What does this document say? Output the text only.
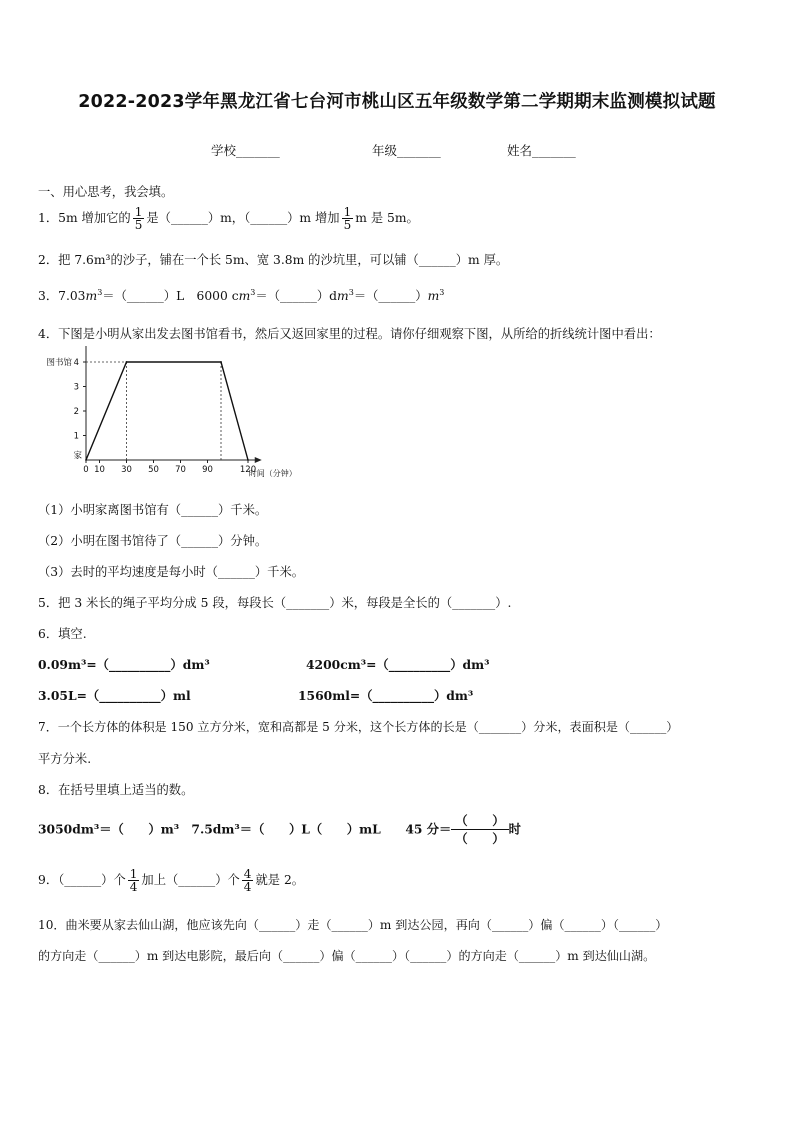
2022-2023学年黑龙江省七台河市桃山区五年级数学第二学期期末监测模拟试题
学校_______	年级_______	姓名_______
一、用心思考，我会填。
1．5m 增加它的 $\frac{1}{5}$ 是（______）m，（______）m 增加 $\frac{1}{5}$ m 是 5m。
2．把 7.6m³的沙子，铺在一个长 5m、宽 3.8m 的沙坑里，可以铺（______）m 厚。
3．$7.03m^3=(\_\_\_\_\_\_)L$　6000 $cm^3=(\_\_\_\_\_\_)dm^3=(\_\_\_\_\_\_)m^3$
4．下图是小明从家出发去图书馆看书，然后又返回家里的过程。请你仔细观察下图，从所给的折线统计图中看出：
时间（分钟）
1
2
3
4
图书馆
家
0 10 30 50 70 90	120
（1）小明家离图书馆有（______）千米。
（2）小明在图书馆待了（______）分钟。
（3）去时的平均速度是每小时（______）千米。
5．把 3 米长的绳子平均分成 5 段，每段长（_______）米，每段是全长的（_______）.
6．填空.
0.09m³=（__________）dm³	4200cm³=（__________）dm³
3.05L=（__________）ml	1560ml=（__________）dm³
7．一个长方体的体积是 150 立方分米，宽和高都是 5 分米，这个长方体的长是（_______）分米，表面积是（______）
平方分米.
8．在括号里填上适当的数。
3050dm³＝（　　）m³　7.5dm³＝（　　）L（　　）mL　　45 分＝
（　　）
（　　）
时
9．（______）个 $\frac{1}{4}$ 加上（______）个 $\frac{4}{4}$ 就是 2。
10．曲米要从家去仙山湖，他应该先向（______）走（______）m 到达公园，再向（______）偏（______）（______）
的方向走（______）m 到达电影院，最后向（______）偏（______）（______）的方向走（______）m 到达仙山湖。
